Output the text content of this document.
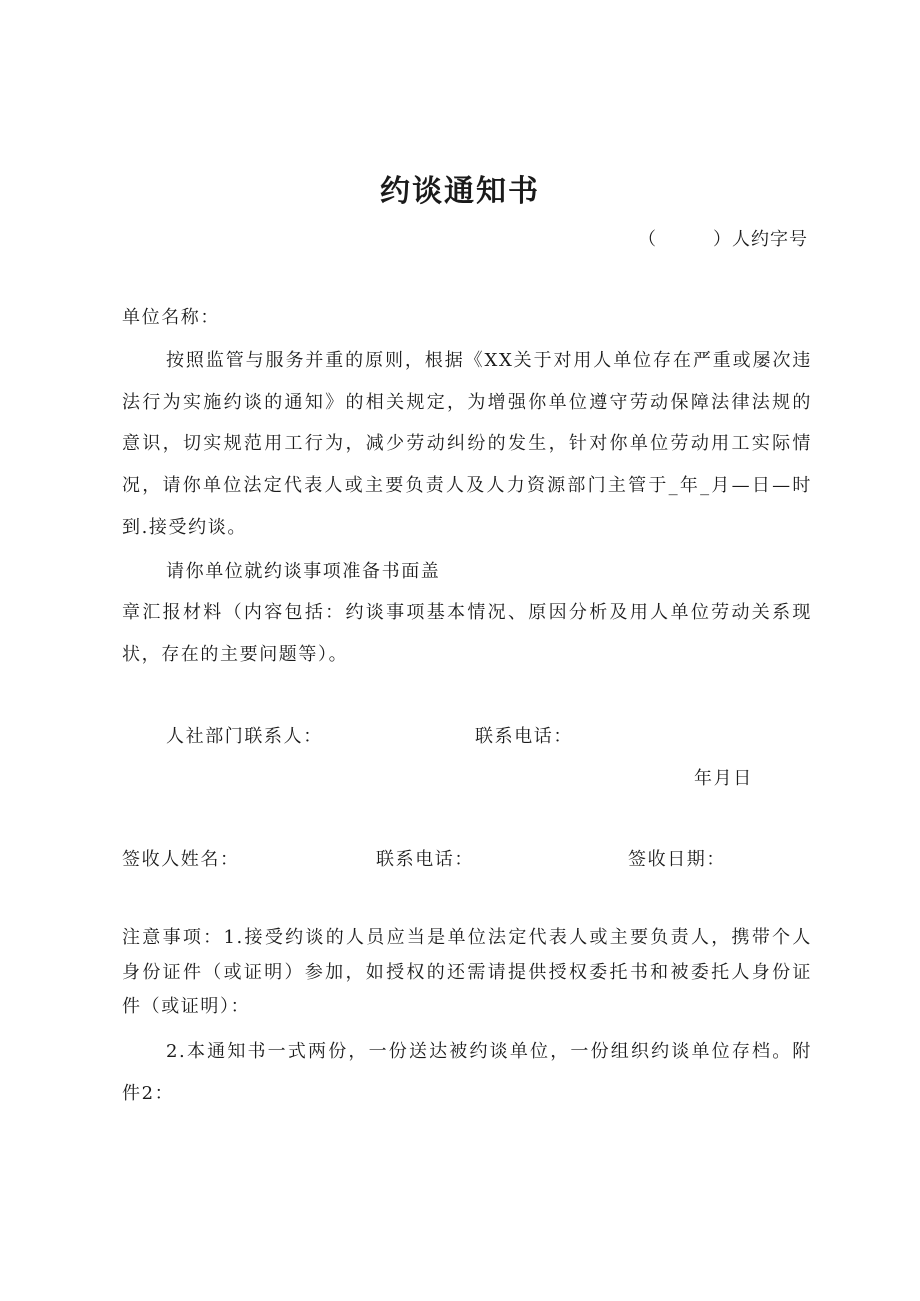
约谈通知书
（	）人约字号
单位名称：
按照监管与服务并重的原则，根据《XX关于对用人单位存在严重或屡次违
法行为实施约谈的通知》的相关规定，为增强你单位遵守劳动保障法律法规的
意识，切实规范用工行为，减少劳动纠纷的发生，针对你单位劳动用工实际情
况，请你单位法定代表人或主要负责人及人力资源部门主管于_年_月—日—时
到.接受约谈。
请你单位就约谈事项准备书面盖
章汇报材料（内容包括：约谈事项基本情况、原因分析及用人单位劳动关系现
状，存在的主要问题等）。
人社部门联系人：	联系电话：
年月日
签收人姓名：	联系电话：	签收日期：
注意事项：1.接受约谈的人员应当是单位法定代表人或主要负责人，携带个人
身份证件（或证明）参加，如授权的还需请提供授权委托书和被委托人身份证
件（或证明）：
2.本通知书一式两份，一份送达被约谈单位，一份组织约谈单位存档。附
件2：
